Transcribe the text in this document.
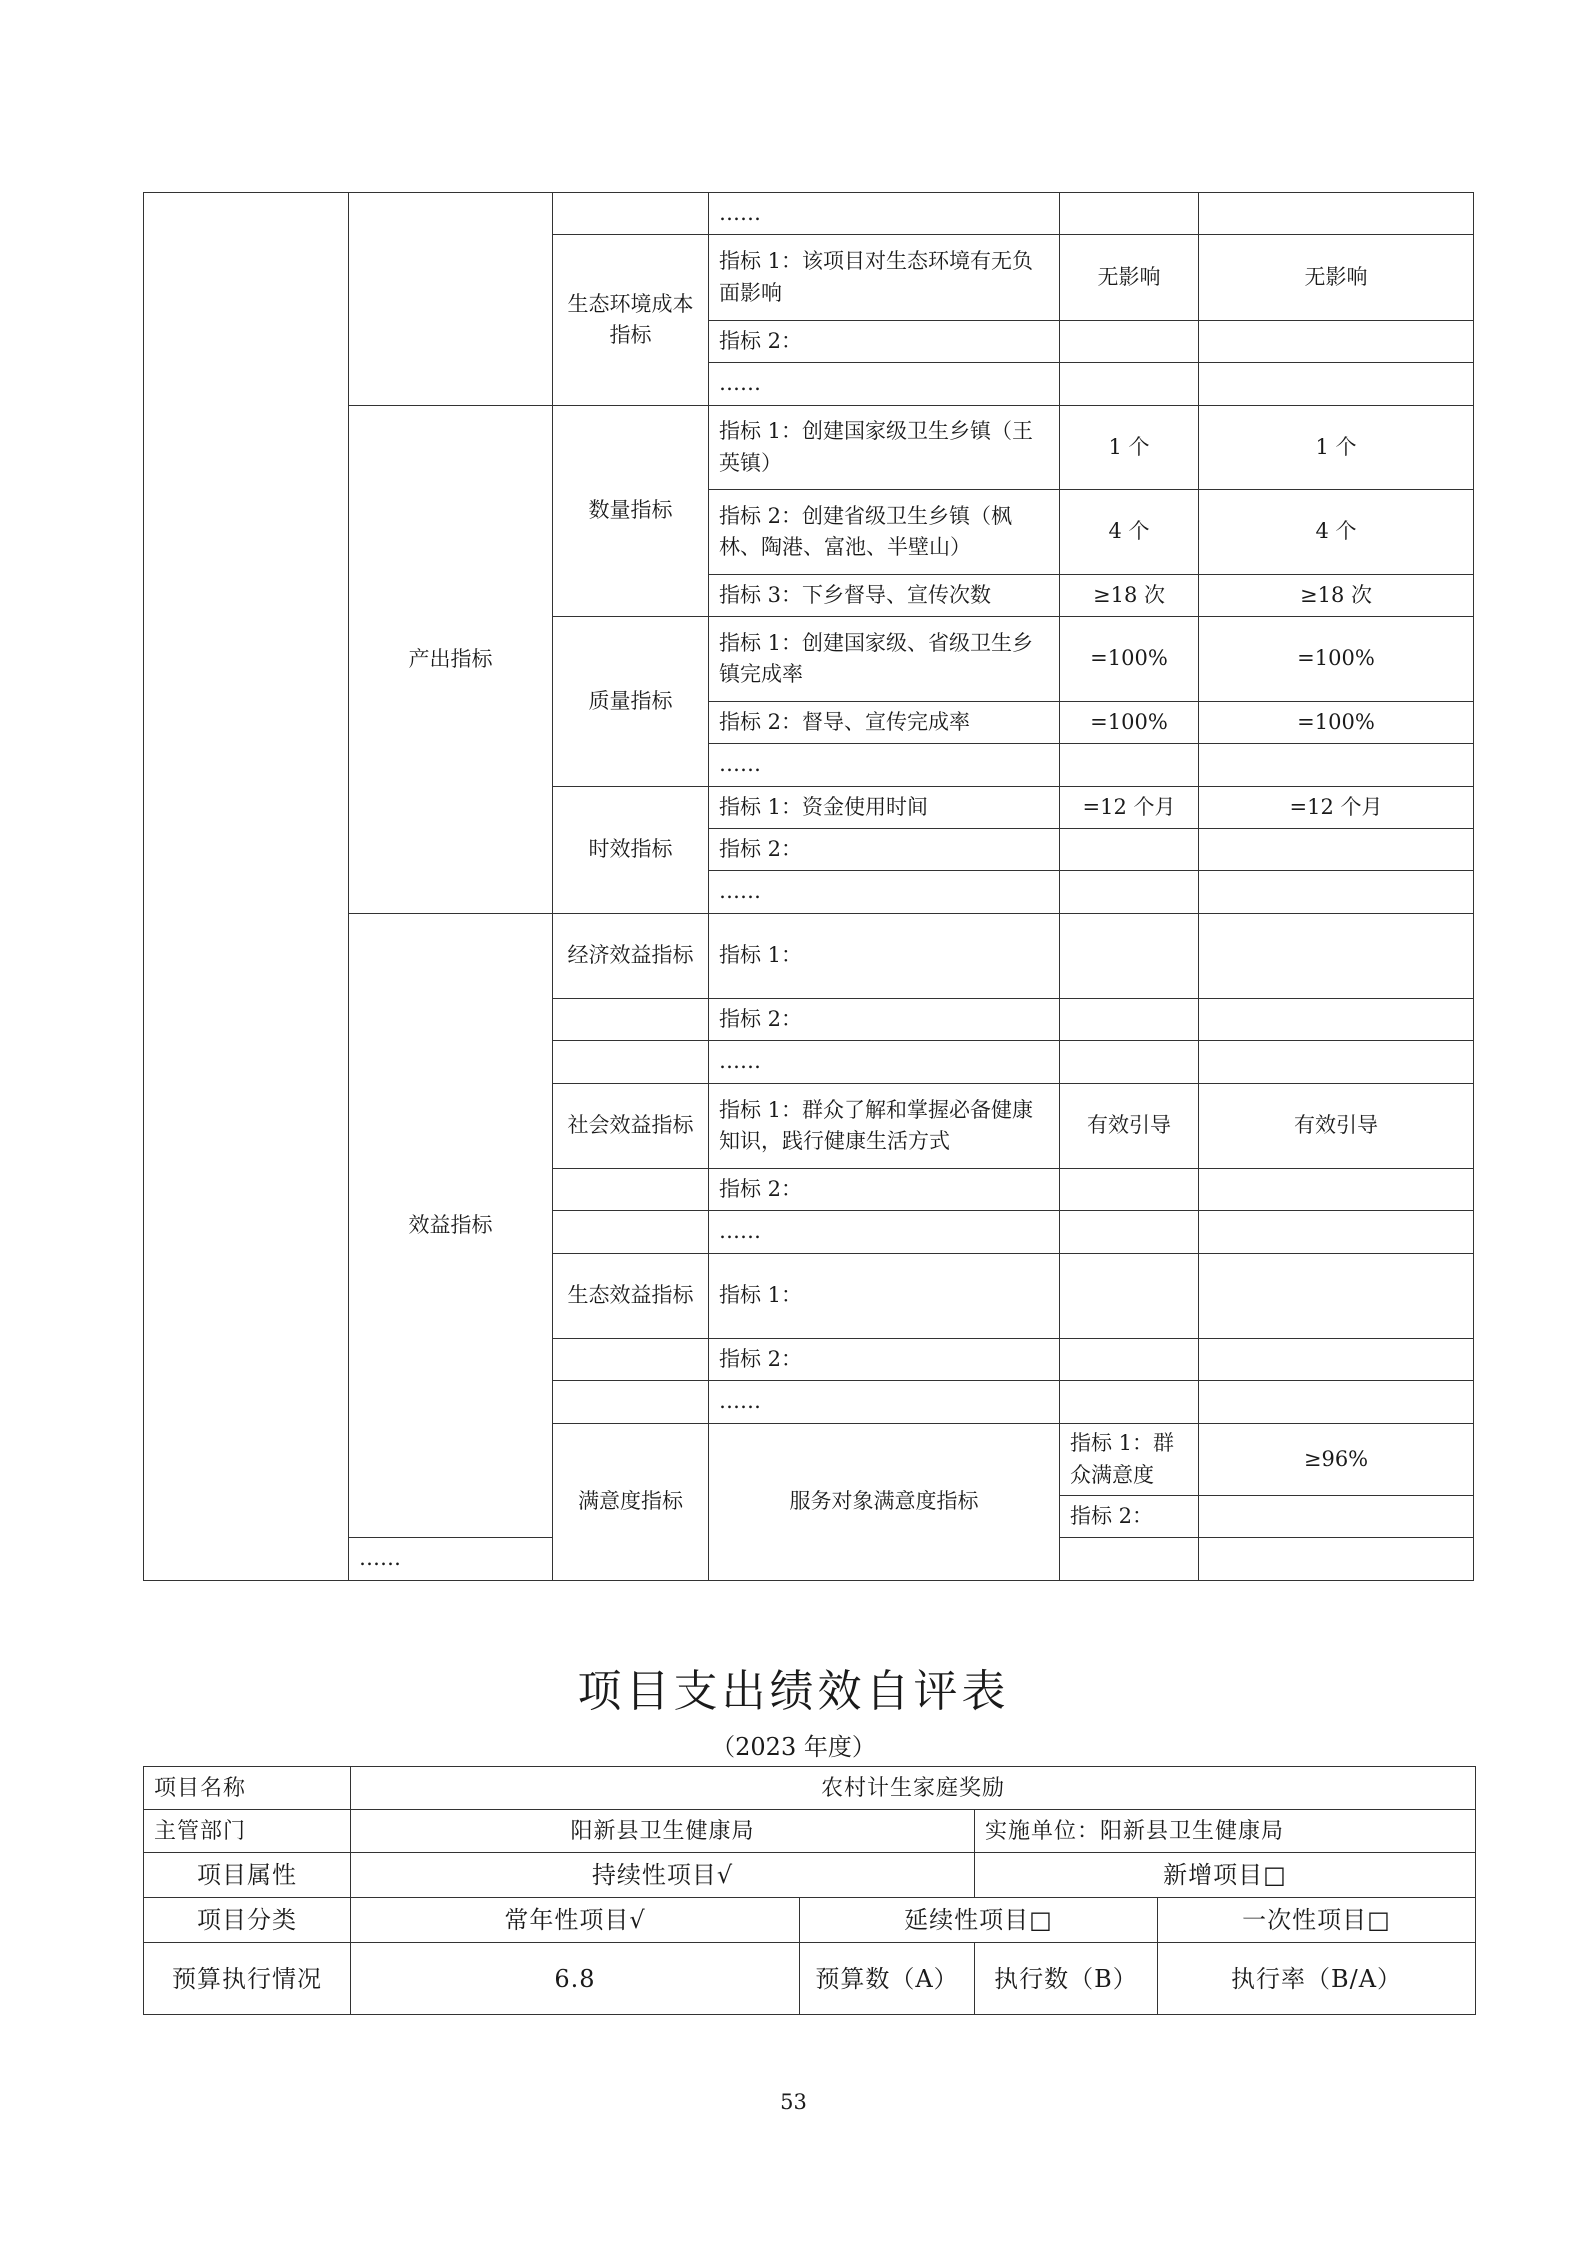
			……			
		生态环境成本指标	指标 1：该项目对生态环境有无负面影响	无影响	无影响	
			指标 2：			
			……			
	产出指标	数量指标	指标 1：创建国家级卫生乡镇（王英镇）	1 个	1 个	
			指标 2：创建省级卫生乡镇（枫林、陶港、富池、半壁山）	4 个	4 个	
			指标 3：下乡督导、宣传次数	≥18 次	≥18 次	
		质量指标	指标 1：创建国家级、省级卫生乡镇完成率	=100%	=100%	
			指标 2：督导、宣传完成率	=100%	=100%	
			……			
		时效指标	指标 1：资金使用时间	=12 个月	=12 个月	
			指标 2：			
			……			
	效益指标	经济效益指标	指标 1：			
			指标 2：			
			……			
		社会效益指标	指标 1：群众了解和掌握必备健康知识，践行健康生活方式	有效引导	有效引导	
			指标 2：			
			……			
		生态效益指标	指标 1：			
			指标 2：			
			……			
		满意度指标	服务对象满意度指标	指标 1：群众满意度	≥96%	
				指标 2：		
	……					
项目支出绩效自评表
（2023 年度）
项目名称	农村计生家庭奖励			
主管部门	阳新县卫生健康局		实施单位：阳新县卫生健康局	
项目属性	持续性项目√		新增项目□	
项目分类	常年性项目√	延续性项目□		一次性项目□
预算执行情况	6.8	预算数（A）	执行数（B）	执行率（B/A）
53
